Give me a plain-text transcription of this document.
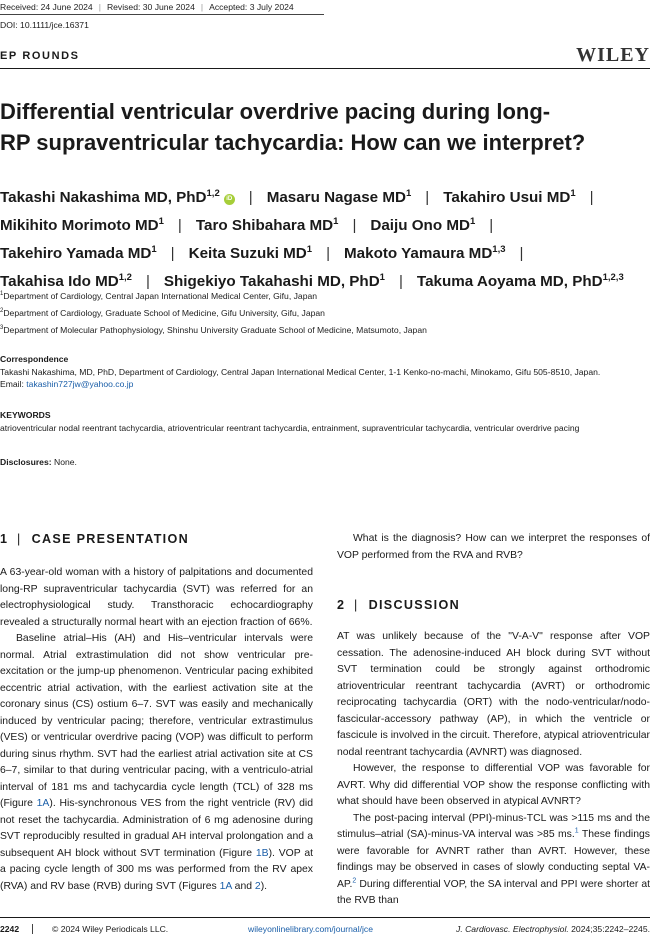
Received: 24 June 2024 | Revised: 30 June 2024 | Accepted: 3 July 2024
DOI: 10.1111/jce.16371
EP ROUNDS	WILEY
Differential ventricular overdrive pacing during long-
RP supraventricular tachycardia: How can we interpret?
Takashi Nakashima MD, PhD$^{1,2}$iD | Masaru Nagase $MD^1$ | Takahiro Usui $MD^1$ |
Mikihito Morimoto $MD^1$ | Taro Shibahara $MD^1$ | Daiju Ono $MD^1$ |
Takehiro Yamada $MD^1$ | Keita Suzuki $MD^1$ | Makoto Yamaura MD$^{1,3}$ |
Takahisa Ido MD$^{1,2}$ | Shigekiyo Takahashi MD, PhD$^1$ | Takuma Aoyama MD, PhD$^{1,2,3}$
$^1$Department of Cardiology, Central Japan International Medical Center, Gifu, Japan
$^2$Department of Cardiology, Graduate School of Medicine, Gifu University, Gifu, Japan
$^3$Department of Molecular Pathophysiology, Shinshu University Graduate School of Medicine, Matsumoto, Japan
Correspondence
Takashi Nakashima, MD, PhD, Department of Cardiology, Central Japan International Medical Center, 1-1 Kenko-no-machi, Minokamo, Gifu 505-8510, Japan.
Email: takashin727jw@yahoo.co.jp
KEYWORDS
atrioventricular nodal reentrant tachycardia, atrioventricular reentrant tachycardia, entrainment, supraventricular tachycardia, ventricular overdrive pacing
Disclosures: None.
1 | CASE PRESENTATION

A 63-year-old woman with a history of palpitations and documented long-RP supraventricular tachycardia (SVT) was referred for an electrophysiological study. Transthoracic echocardiography revealed a structurally normal heart with an ejection fraction of 66%.

Baseline atrial–His (AH) and His–ventricular intervals were normal. Atrial extrastimulation did not show ventricular pre-excitation or the jump-up phenomenon. Ventricular pacing exhibited eccentric atrial activation, with the earliest activation site at the coronary sinus (CS) ostium 6–7. SVT was easily and mechanically induced by ventricular pacing; therefore, ventricular extrastimulus (VES) or ventricular overdrive pacing (VOP) was difficult to perform during sinus rhythm. SVT had the earliest atrial activation site at CS 6–7, similar to that during ventricular pacing, with a ventriculo-atrial interval of 181 ms and tachycardia cycle length (TCL) of 328 ms (Figure 1A). His-synchronous VES from the right ventricle (RV) did not reset the tachycardia. Administration of 6 mg adenosine during SVT reproducibly resulted in gradual AH interval prolongation and a subsequent AH block without SVT termination (Figure 1B). VOP at a pacing cycle length of 300 ms was performed from the RV apex (RVA) and RV base (RVB) during SVT (Figures 1A and 2).

What is the diagnosis? How can we interpret the responses of VOP performed from the RVA and RVB?

2 | DISCUSSION

AT was unlikely because of the "V-A-V" response after VOP cessation. The adenosine-induced AH block during SVT without SVT termination could be strongly against orthodromic atrioventricular reentrant tachycardia (AVRT) or orthodromic reciprocating tachycardia (ORT) with the nodo-ventricular/nodo-fascicular-accessory pathway (AP), in which the ventricle or fascicule is involved in the circuit. Therefore, atypical atrioventricular nodal reentrant tachycardia (AVNRT) was diagnosed.

However, the response to differential VOP was favorable for AVRT. Why did differential VOP show the response conflicting with what should have been observed in atypical AVNRT?

The post-pacing interval (PPI)-minus-TCL was >115 ms and the stimulus–atrial (SA)-minus-VA interval was >85 ms.$^1$ These findings were favorable for AVNRT rather than AVRT. However, these findings may be observed in cases of slowly conducting septal VA-AP.$^2$ During differential VOP, the SA interval and PPI were shorter at the RVB than

2242	© 2024 Wiley Periodicals LLC.	wileyonlinelibrary.com/journal/jce	J. Cardiovasc. Electrophysiol. 2024;35:2242–2245.
